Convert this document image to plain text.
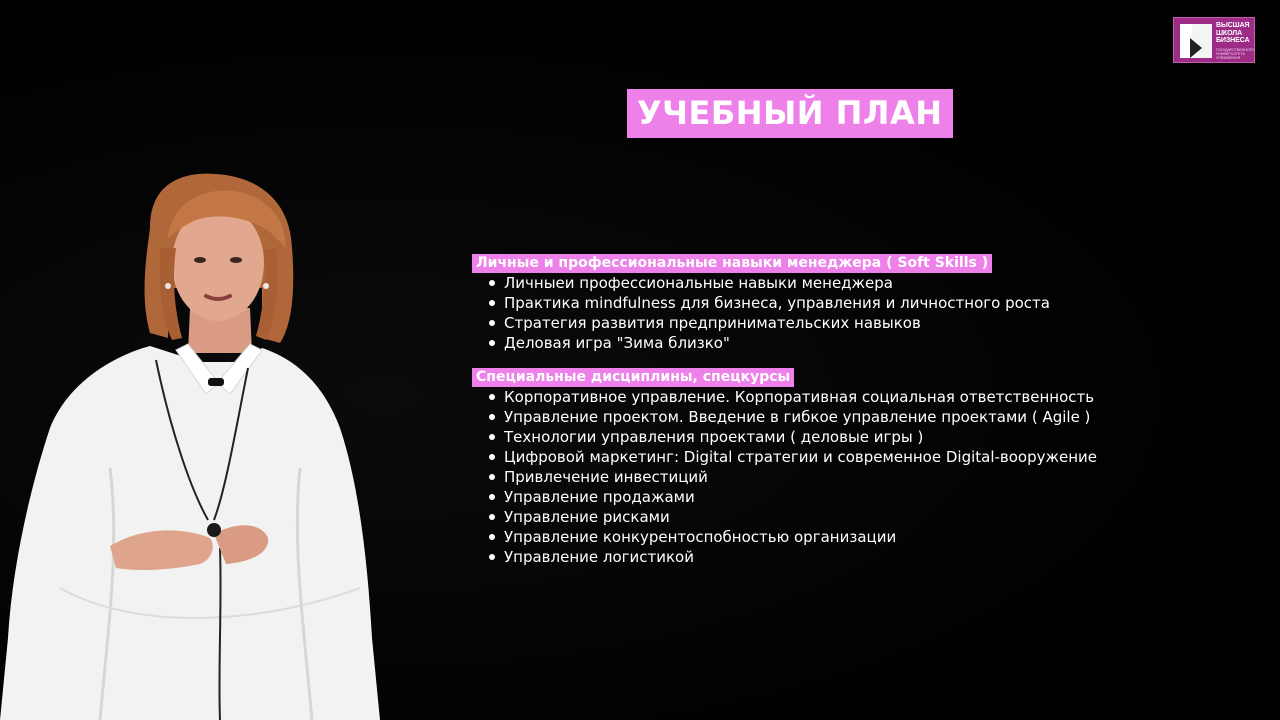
ВЫСШАЯ
ШКОЛА
БИЗНЕСА
ГОСУДАРСТВЕННОГО
УНИВЕРСИТЕТА
УПРАВЛЕНИЯ
УЧЕБНЫЙ ПЛАН
Личные и профессиональные навыки менеджера ( Soft Skills )
Личныеи профессиональные навыки менеджера
Практика mindfulness для бизнеса, управления и личностного роста
Стратегия развития предпринимательских навыков
Деловая игра "Зима близко"
Специальные дисциплины, спецкурсы
Корпоративное управление. Корпоративная социальная ответственность
Управление проектом. Введение в гибкое управление проектами ( Agile )
Технологии управления проектами ( деловые игры )
Цифровой маркетинг: Digital стратегии и современное Digital-вооружение
Привлечение инвестиций
Управление продажами
Управление рисками
Управление конкурентоспобностью организации
Управление логистикой
